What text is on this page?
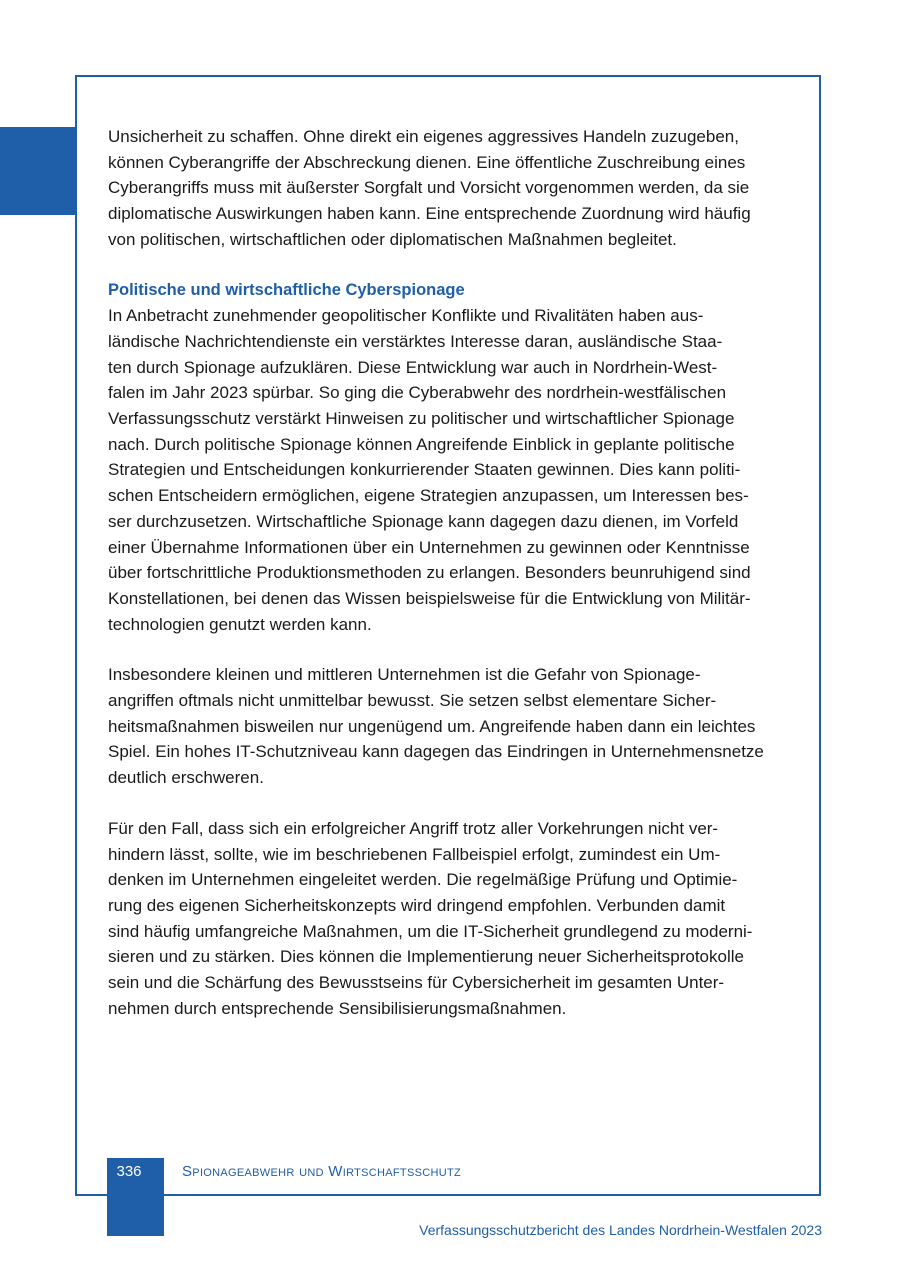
Unsicherheit zu schaffen. Ohne direkt ein eigenes aggressives Handeln zuzugeben,
können Cyberangriffe der Abschreckung dienen. Eine öffentliche Zuschreibung eines
Cyberangriffs muss mit äußerster Sorgfalt und Vorsicht vorgenommen werden, da sie
diplomatische Auswirkungen haben kann. Eine entsprechende Zuordnung wird häufig
von politischen, wirtschaftlichen oder diplomatischen Maßnahmen begleitet.
Politische und wirtschaftliche Cyberspionage
In Anbetracht zunehmender geopolitischer Konflikte und Rivalitäten haben aus-
ländische Nachrichtendienste ein verstärktes Interesse daran, ausländische Staa-
ten durch Spionage aufzuklären. Diese Entwicklung war auch in Nordrhein-West-
falen im Jahr 2023 spürbar. So ging die Cyberabwehr des nordrhein-westfälischen
Verfassungsschutz verstärkt Hinweisen zu politischer und wirtschaftlicher Spionage
nach. Durch politische Spionage können Angreifende Einblick in geplante politische
Strategien und Entscheidungen konkurrierender Staaten gewinnen. Dies kann politi-
schen Entscheidern ermöglichen, eigene Strategien anzupassen, um Interessen bes-
ser durchzusetzen. Wirtschaftliche Spionage kann dagegen dazu dienen, im Vorfeld
einer Übernahme Informationen über ein Unternehmen zu gewinnen oder Kenntnisse
über fortschrittliche Produktionsmethoden zu erlangen. Besonders beunruhigend sind
Konstellationen, bei denen das Wissen beispielsweise für die Entwicklung von Militär-
technologien genutzt werden kann.
Insbesondere kleinen und mittleren Unternehmen ist die Gefahr von Spionage-
angriffen oftmals nicht unmittelbar bewusst. Sie setzen selbst elementare Sicher-
heitsmaßnahmen bisweilen nur ungenügend um. Angreifende haben dann ein leichtes
Spiel. Ein hohes IT-Schutzniveau kann dagegen das Eindringen in Unternehmensnetze
deutlich erschweren.
Für den Fall, dass sich ein erfolgreicher Angriff trotz aller Vorkehrungen nicht ver-
hindern lässt, sollte, wie im beschriebenen Fallbeispiel erfolgt, zumindest ein Um-
denken im Unternehmen eingeleitet werden. Die regelmäßige Prüfung und Optimie-
rung des eigenen Sicherheitskonzepts wird dringend empfohlen. Verbunden damit
sind häufig umfangreiche Maßnahmen, um die IT-Sicherheit grundlegend zu moderni-
sieren und zu stärken. Dies können die Implementierung neuer Sicherheitsprotokolle
sein und die Schärfung des Bewusstseins für Cybersicherheit im gesamten Unter-
nehmen durch entsprechende Sensibilisierungsmaßnahmen.
336	Spionageabwehr und Wirtschaftsschutz
Verfassungsschutzbericht des Landes Nordrhein-Westfalen 2023
